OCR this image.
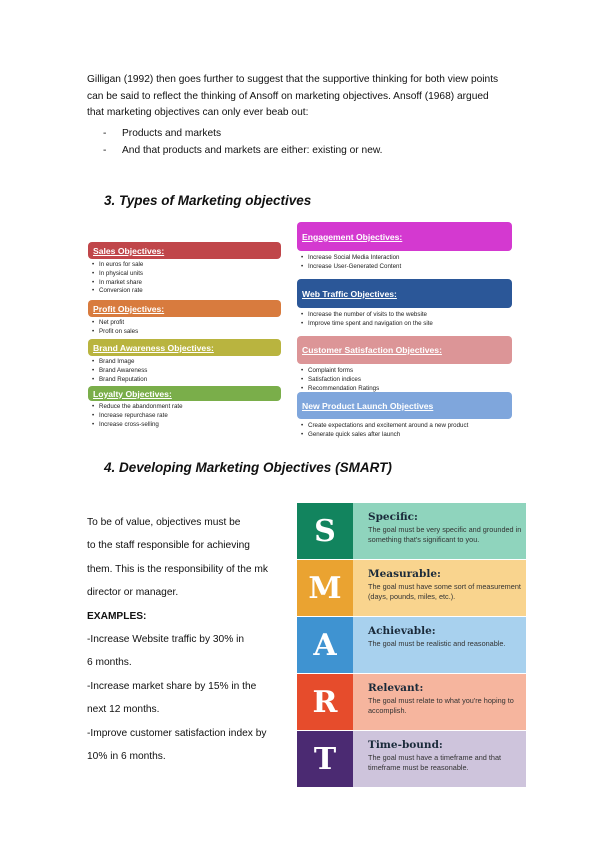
Gilligan (1992) then goes further to suggest that the supportive thinking for both view points can be said to reflect the thinking of Ansoff on marketing objectives. Ansoff (1968) argued that marketing objectives can only ever beab out:
- Products and markets
- And that products and markets are either: existing or new.
3. Types of Marketing objectives
Sales Objectives:
• In euros for sale
• In physical units
• In market share
• Conversion rate
Profit Objectives:
• Net profit
• Profit on sales
Brand Awareness Objectives:
• Brand Image
• Brand Awareness
• Brand Reputation
Loyalty Objectives:
• Reduce the abandonment rate
• Increase repurchase rate
• Increase cross-selling
Engagement Objectives:
• Increase Social Media Interaction
• Increase User-Generated Content
Web Traffic Objectives:
• Increase the number of visits to the website
• Improve time spent and navigation on the site
Customer Satisfaction Objectives:
• Complaint forms
• Satisfaction indices
• Recommendation Ratings
New Product Launch Objectives
• Create expectations and excitement around a new product
• Generate quick sales after launch
4. Developing Marketing Objectives (SMART)
To be of value, objectives must be
to the staff responsible for achieving
them. This is the responsibility of the mk
director or manager.
EXAMPLES:
-Increase Website traffic by 30% in
6 months.
-Increase market share by 15% in the
next 12 months.
-Improve customer satisfaction index by
10% in 6 months.
S	Specific:
The goal must be very specific and grounded in something that's significant to you.
M	Measurable:
The goal must have some sort of measurement (days, pounds, miles, etc.).
A	Achievable:
The goal must be realistic and reasonable.
R	Relevant:
The goal must relate to what you're hoping to accomplish.
T	Time-bound:
The goal must have a timeframe and that timeframe must be reasonable.
